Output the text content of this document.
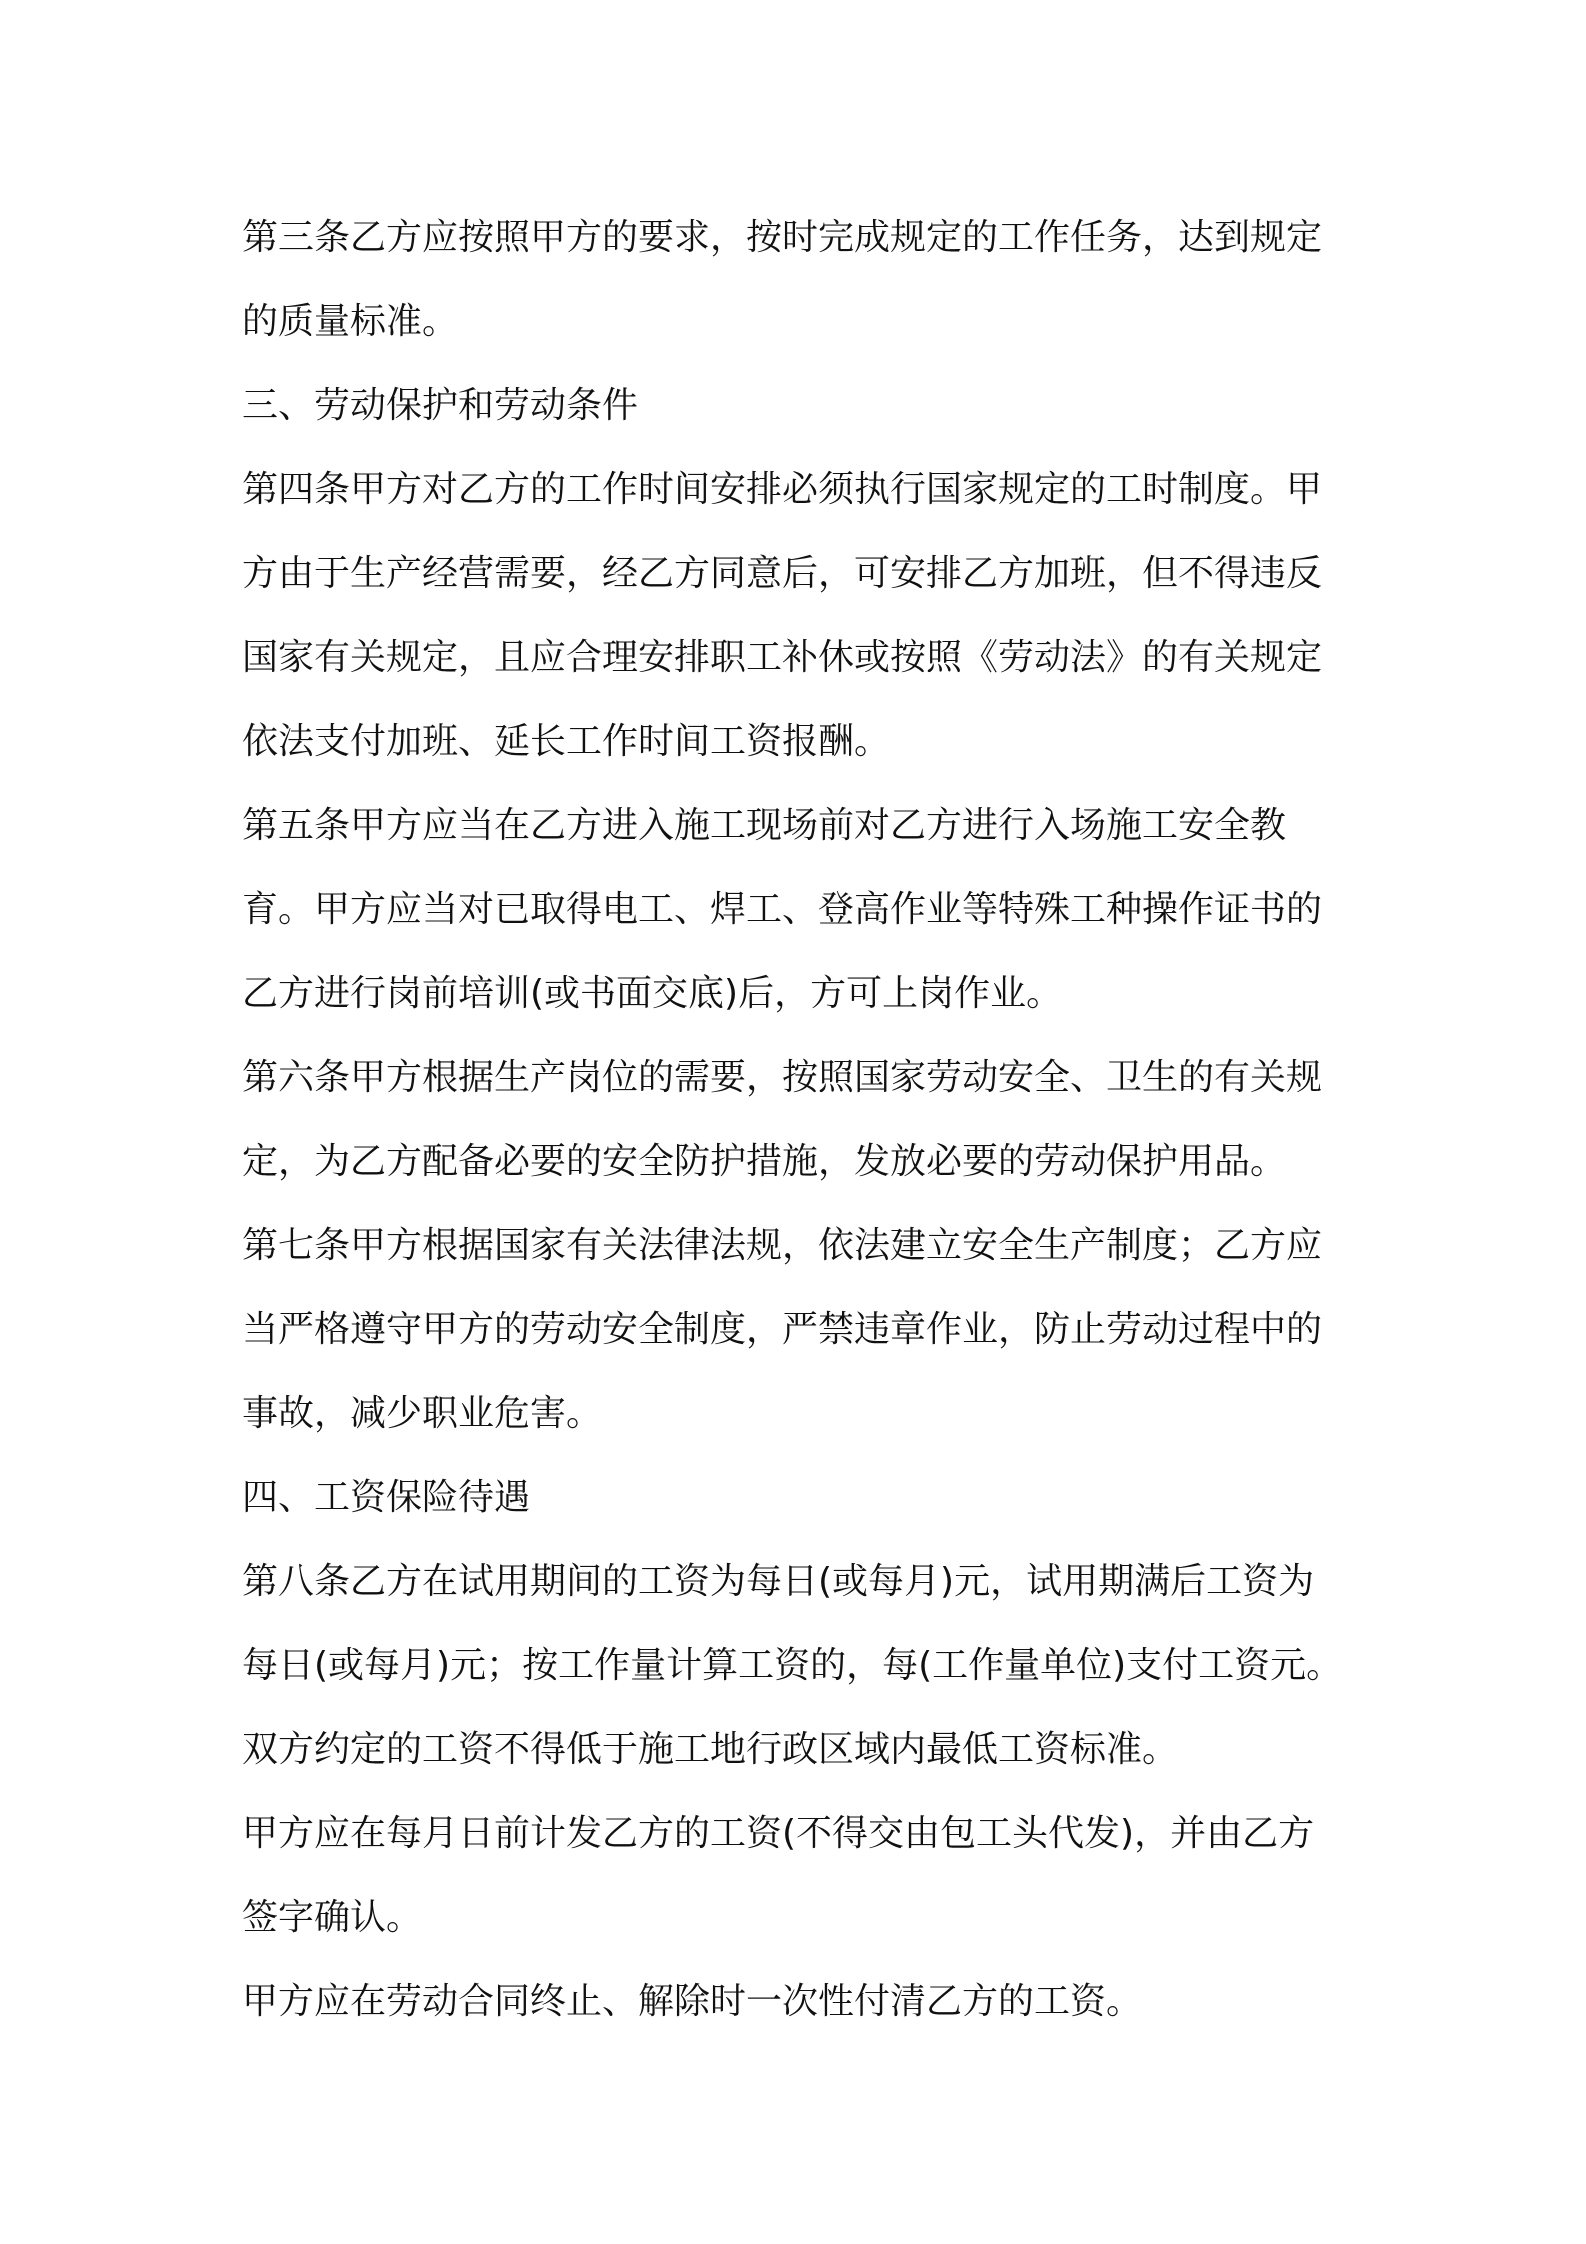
第三条乙方应按照甲方的要求，按时完成规定的工作任务，达到规定
的质量标准。
三、劳动保护和劳动条件
第四条甲方对乙方的工作时间安排必须执行国家规定的工时制度。甲
方由于生产经营需要，经乙方同意后，可安排乙方加班，但不得违反
国家有关规定，且应合理安排职工补休或按照《劳动法》的有关规定
依法支付加班、延长工作时间工资报酬。
第五条甲方应当在乙方进入施工现场前对乙方进行入场施工安全教
育。甲方应当对已取得电工、焊工、登高作业等特殊工种操作证书的
乙方进行岗前培训(或书面交底)后，方可上岗作业。
第六条甲方根据生产岗位的需要，按照国家劳动安全、卫生的有关规
定，为乙方配备必要的安全防护措施，发放必要的劳动保护用品。
第七条甲方根据国家有关法律法规，依法建立安全生产制度；乙方应
当严格遵守甲方的劳动安全制度，严禁违章作业，防止劳动过程中的
事故，减少职业危害。
四、工资保险待遇
第八条乙方在试用期间的工资为每日(或每月)元，试用期满后工资为
每日(或每月)元；按工作量计算工资的，每(工作量单位)支付工资元。
双方约定的工资不得低于施工地行政区域内最低工资标准。
甲方应在每月日前计发乙方的工资(不得交由包工头代发)，并由乙方
签字确认。
甲方应在劳动合同终止、解除时一次性付清乙方的工资。
